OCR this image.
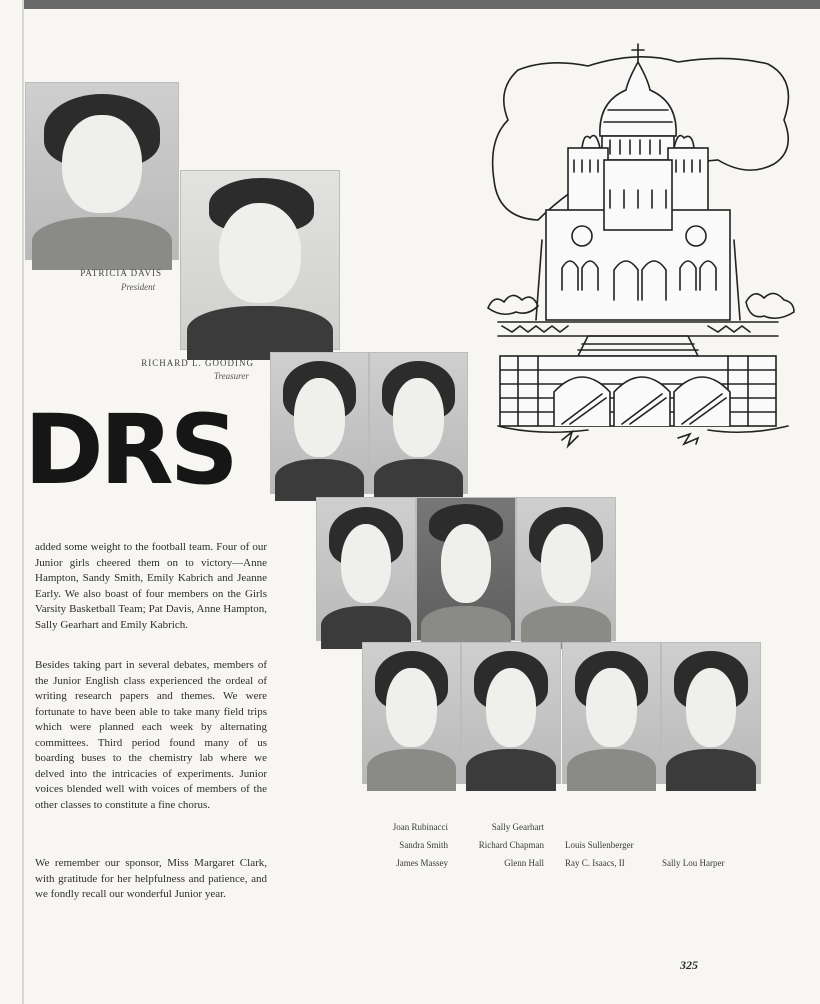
PATRICIA DAVIS
President
RICHARD L. GOODING
Treasurer
DRS
added some weight to the football team. Four of our Junior girls cheered them on to victory—Anne Hampton, Sandy Smith, Emily Kabrich and Jeanne Early. We also boast of four members on the Girls Varsity Basketball Team; Pat Davis, Anne Hampton, Sally Gearhart and Emily Kabrich.
Besides taking part in several debates, members of the Junior English class experienced the ordeal of writing research papers and themes. We were fortunate to have been able to take many field trips which were planned each week by alternating committees. Third period found many of us boarding buses to the chemistry lab where we delved into the intricacies of experiments. Junior voices blended well with voices of members of the other classes to constitute a fine chorus.
We remember our sponsor, Miss Margaret Clark, with gratitude for her helpfulness and patience, and we fondly recall our wonderful Junior year.
Joan Rubinacci
Sandra Smith
James Massey
Sally Gearhart
Richard Chapman
Glenn Hall
Louis Sullenberger
Ray C. Isaacs, II	Sally Lou Harper
325
